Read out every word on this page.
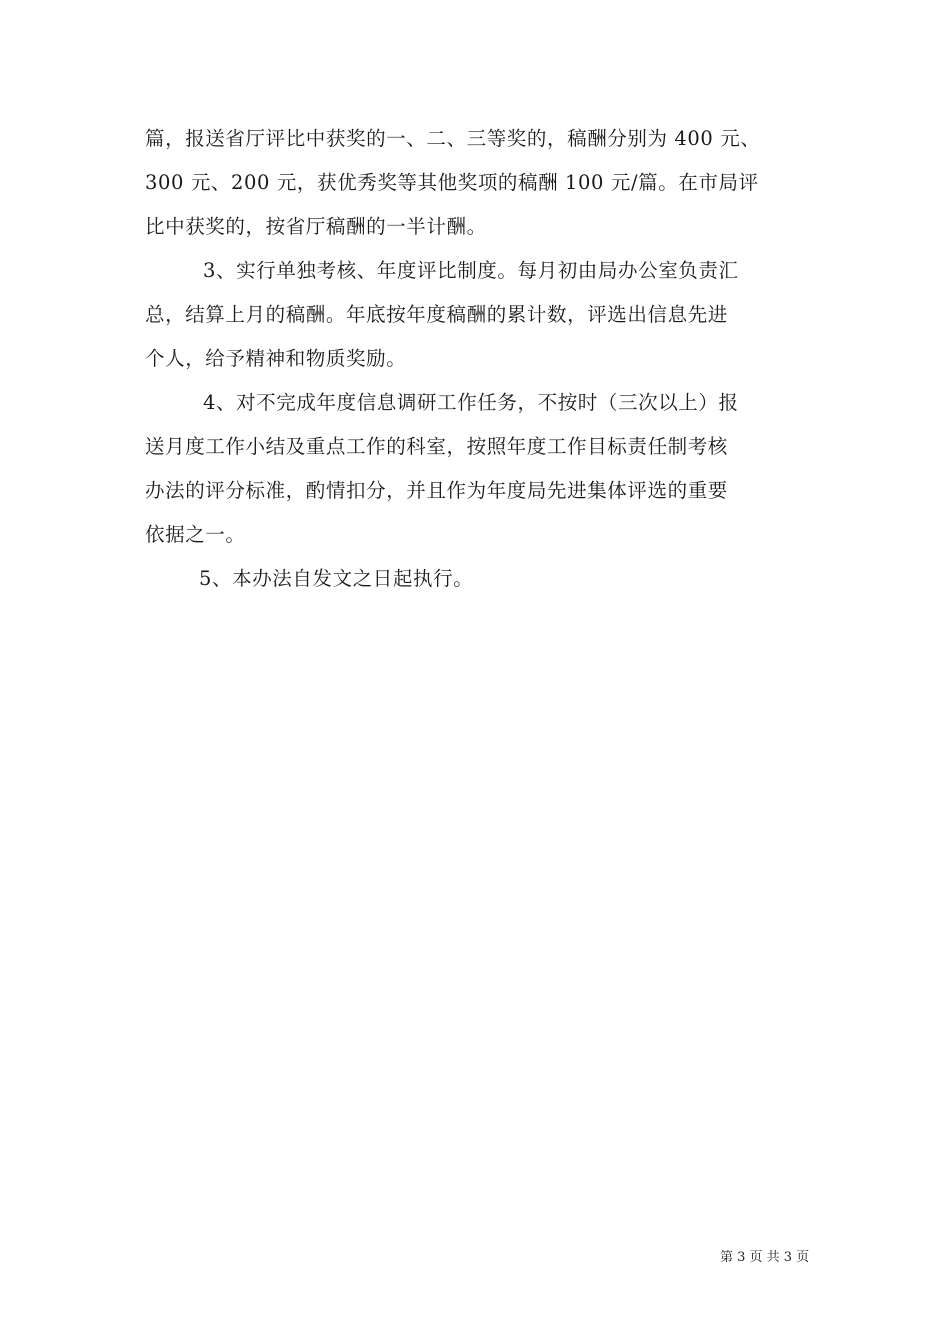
篇，报送省厅评比中获奖的一、二、三等奖的，稿酬分别为 400 元、
300 元、200 元，获优秀奖等其他奖项的稿酬 100 元/篇。在市局评
比中获奖的，按省厅稿酬的一半计酬。
3、实行单独考核、年度评比制度。每月初由局办公室负责汇
总，结算上月的稿酬。年底按年度稿酬的累计数，评选出信息先进
个人，给予精神和物质奖励。
4、对不完成年度信息调研工作任务，不按时（三次以上）报
送月度工作小结及重点工作的科室，按照年度工作目标责任制考核
办法的评分标准，酌情扣分，并且作为年度局先进集体评选的重要
依据之一。
5、本办法自发文之日起执行。
第 3 页 共 3 页
